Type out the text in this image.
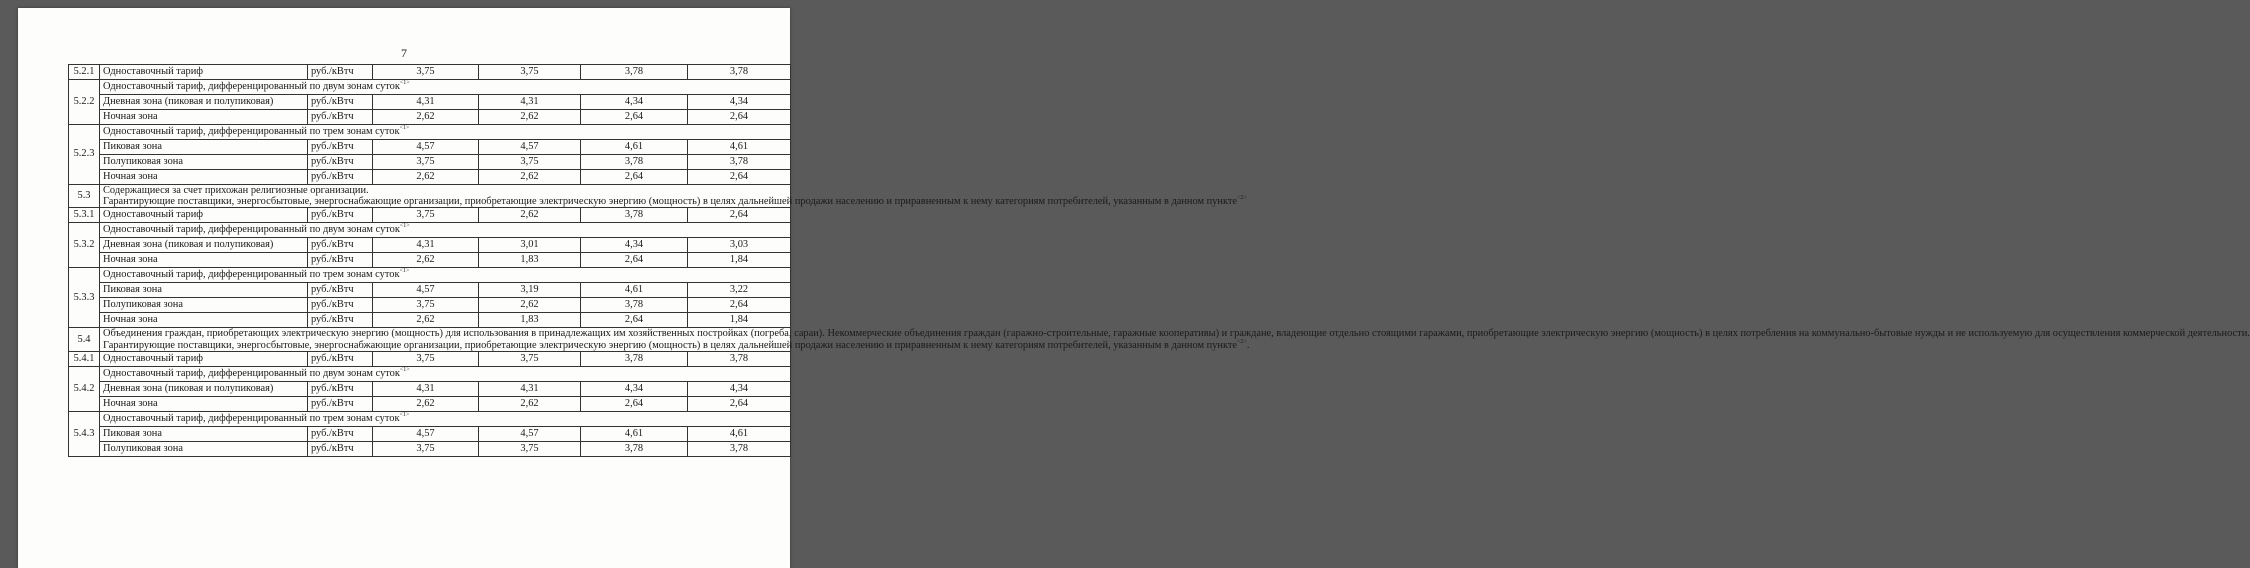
7
5.2.1	Одноставочный тариф	руб./кВтч	3,75	3,75	3,78	3,78
5.2.2	Одноставочный тариф, дифференцированный по двум зонам суток$^{<1>}$
	Дневная зона (пиковая и полупиковая)	руб./кВтч	4,31	4,31	4,34	4,34
	Ночная зона	руб./кВтч	2,62	2,62	2,64	2,64
5.2.3	Одноставочный тариф, дифференцированный по трем зонам суток$^{<1>}$
	Пиковая зона	руб./кВтч	4,57	4,57	4,61	4,61
	Полупиковая зона	руб./кВтч	3,75	3,75	3,78	3,78
	Ночная зона	руб./кВтч	2,62	2,62	2,64	2,64
5.3	Содержащиеся за счет прихожан религиозные организации.
Гарантирующие поставщики, энергосбытовые, энергоснабжающие организации, приобретающие электрическую энергию (мощность) в целях дальнейшей продажи населению и приравненным к нему категориям потребителей, указанным в данном пункте$^{<2>}$

5.3.1	Одноставочный тариф	руб./кВтч	3,75	2,62	3,78	2,64
5.3.2	Одноставочный тариф, дифференцированный по двум зонам суток$^{<1>}$
	Дневная зона (пиковая и полупиковая)	руб./кВтч	4,31	3,01	4,34	3,03
	Ночная зона	руб./кВтч	2,62	1,83	2,64	1,84
5.3.3	Одноставочный тариф, дифференцированный по трем зонам суток$^{<1>}$
	Пиковая зона	руб./кВтч	4,57	3,19	4,61	3,22
	Полупиковая зона	руб./кВтч	3,75	2,62	3,78	2,64
	Ночная зона	руб./кВтч	2,62	1,83	2,64	1,84
5.4	Объединения граждан, приобретающих электрическую энергию (мощность) для использования в принадлежащих им хозяйственных постройках (погреба, сараи). Некоммерческие объединения граждан (гаражно-строительные, гаражные кооперативы) и граждане, владеющие отдельно стоящими гаражами, приобретающие электрическую энергию (мощность) в целях потребления на коммунально-бытовые нужды и не используемую для осуществления коммерческой деятельности.
Гарантирующие поставщики, энергосбытовые, энергоснабжающие организации, приобретающие электрическую энергию (мощность) в целях дальнейшей продажи населению и приравненным к нему категориям потребителей, указанным в данном пункте$^{<2>}$.					

5.4.1	Одноставочный тариф	руб./кВтч	3,75	3,75	3,78	3,78
5.4.2	Одноставочный тариф, дифференцированный по двум зонам суток$^{<1>}$
	Дневная зона (пиковая и полупиковая)	руб./кВтч	4,31	4,31	4,34	4,34
	Ночная зона	руб./кВтч	2,62	2,62	2,64	2,64
5.4.3	Одноставочный тариф, дифференцированный по трем зонам суток$^{<1>}$
	Пиковая зона	руб./кВтч	4,57	4,57	4,61	4,61
	Полупиковая зона	руб./кВтч	3,75	3,75	3,78	3,78
